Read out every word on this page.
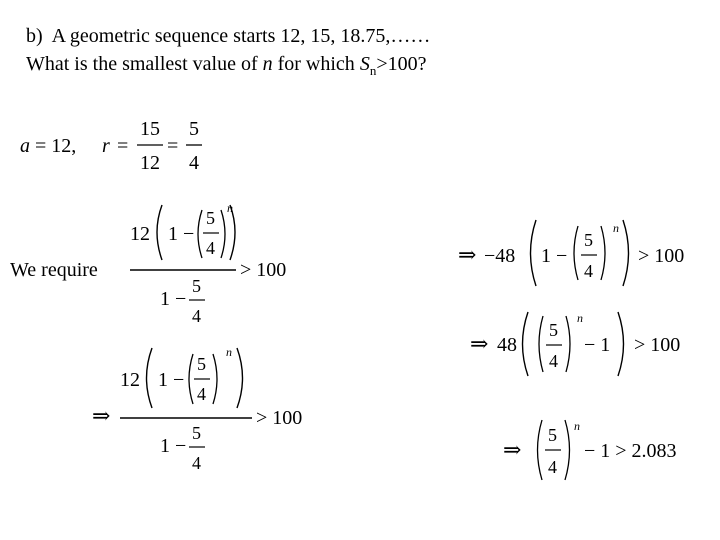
b) A geometric sequence starts 12, 15, 18.75,……
What is the smallest value of n for which $S_n>100$?
a = 12, r =
15
12
=
5
4
We require
12 1 −
5
4
n
1 −
5
4
> 100
⇒
12 1 −
5
4
n
1 −
5
4
> 100
⇒ −48 1 −
5
4
n
> 100
⇒ 48
5
4
n
− 1 > 100
⇒
5
4
n
− 1 > 2.083
